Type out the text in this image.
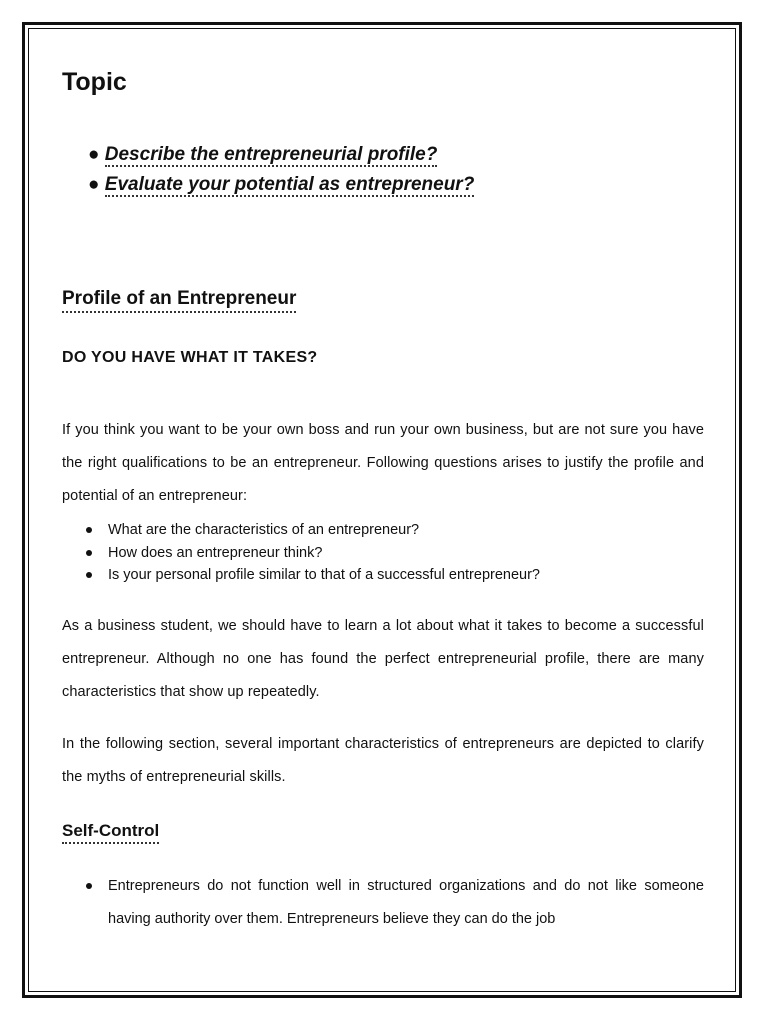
Topic
● Describe the entrepreneurial profile?
● Evaluate your potential as entrepreneur?
Profile of an Entrepreneur
DO YOU HAVE WHAT IT TAKES?

If you think you want to be your own boss and run your own business, but are not sure you have the right qualifications to be an entrepreneur. Following questions arises to justify the profile and potential of an entrepreneur:

What are the characteristics of an entrepreneur?
How does an entrepreneur think?
Is your personal profile similar to that of a successful entrepreneur?

As a business student, we should have to learn a lot about what it takes to become a successful entrepreneur. Although no one has found the perfect entrepreneurial profile, there are many characteristics that show up repeatedly.

In the following section, several important characteristics of entrepreneurs are depicted to clarify the myths of entrepreneurial skills.

Self-Control
Entrepreneurs do not function well in structured organizations and do not like someone having authority over them. Entrepreneurs believe they can do the job
